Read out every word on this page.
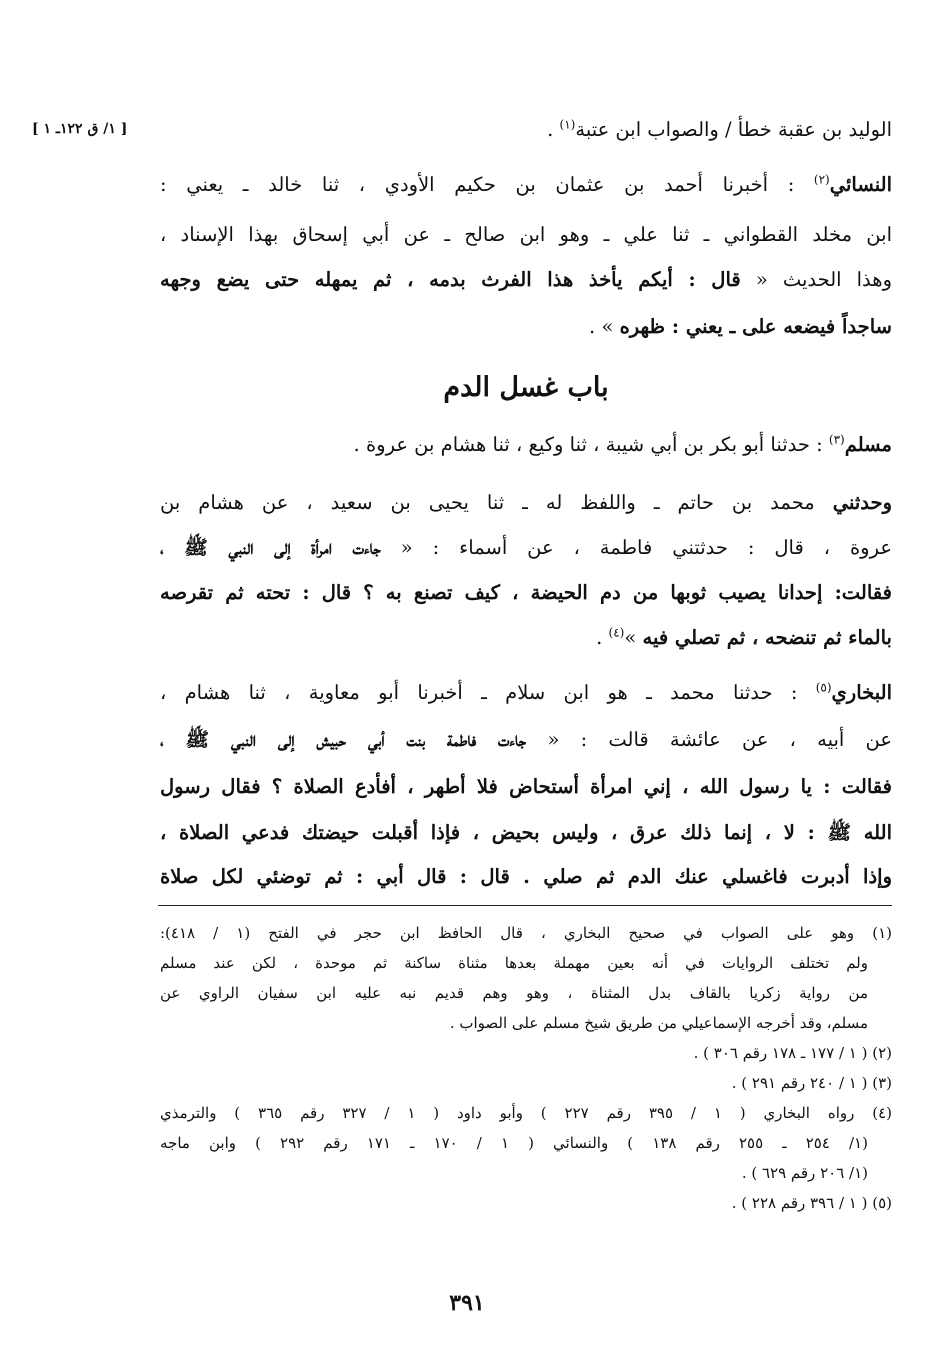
[ ١/ ق ١٢٢ـ ١ ]	الوليد بن عقبة خطأً / والصواب ابن عتبة$^{(١)}$ .
النسائي$^{(٢)}$ : أخبرنا أحمد بن عثمان بن حكيم الأودي ، ثنا خالد ـ يعني :
ابن مخلد القطواني ـ ثنا علي ـ وهو ابن صالح ـ عن أبي إسحاق بهذا الإسناد ،
وهذا الحديث « قال : أيكم يأخذ هذا الفرث بدمه ، ثم يمهله حتى يضع وجهه
ساجداً فيضعه على ـ يعني : ظهره » .
باب غسل الدم
مسلم$^{(٣)}$ : حدثنا أبو بكر بن أبي شيبة ، ثنا وكيع ، ثنا هشام بن عروة .
وحدثني محمد بن حاتم ـ واللفظ له ـ ثنا يحيى بن سعيد ، عن هشام بن
عروة ، قال : حدثتني فاطمة ، عن أسماء : « جاءت امرأة إلى النبي ﷺ ،
فقالت: إحدانا يصيب ثوبها من دم الحيضة ، كيف تصنع به ؟ قال : تحته ثم تقرصه
بالماء ثم تنضحه ، ثم تصلي فيه »$^{(٤)}$ .
البخاري$^{(٥)}$ : حدثنا محمد ـ هو ابن سلام ـ أخبرنا أبو معاوية ، ثنا هشام ،
عن أبيه ، عن عائشة قالت : « جاءت فاطمة بنت أبي حبيش إلى النبي ﷺ ،
فقالت : يا رسول الله ، إني امرأة أستحاض فلا أطهر ، أفأدع الصلاة ؟ فقال رسول
الله ﷺ : لا ، إنما ذلك عرق ، وليس بحيض ، فإذا أقبلت حيضتك فدعي الصلاة ،
وإذا أدبرت فاغسلي عنك الدم ثم صلي . قال : قال أبي : ثم توضئي لكل صلاة
(١) وهو على الصواب في صحيح البخاري ، قال الحافظ ابن حجر في الفتح (١ / ٤١٨):
ولم تختلف الروايات في أنه بعين مهملة بعدها مثناة ساكنة ثم موحدة ، لكن عند مسلم
من رواية زكريا بالقاف بدل المثناة ، وهو وهم قديم نبه عليه ابن سفيان الراوي عن
مسلم، وقد أخرجه الإسماعيلي من طريق شيخ مسلم على الصواب .
(٢) ( ١ / ١٧٧ ـ ١٧٨ رقم ٣٠٦ ) .
(٣) ( ١ / ٢٤٠ رقم ٢٩١ ) .
(٤) رواه البخاري ( ١ / ٣٩٥ رقم ٢٢٧ ) وأبو داود ( ١ / ٣٢٧ رقم ٣٦٥ ) والترمذي
(١/ ٢٥٤ ـ ٢٥٥ رقم ١٣٨ ) والنسائي ( ١ / ١٧٠ ـ ١٧١ رقم ٢٩٢ ) وابن ماجه
(١/ ٢٠٦ رقم ٦٢٩ ) .
(٥) ( ١ / ٣٩٦ رقم ٢٢٨ ) .
٣٩١
